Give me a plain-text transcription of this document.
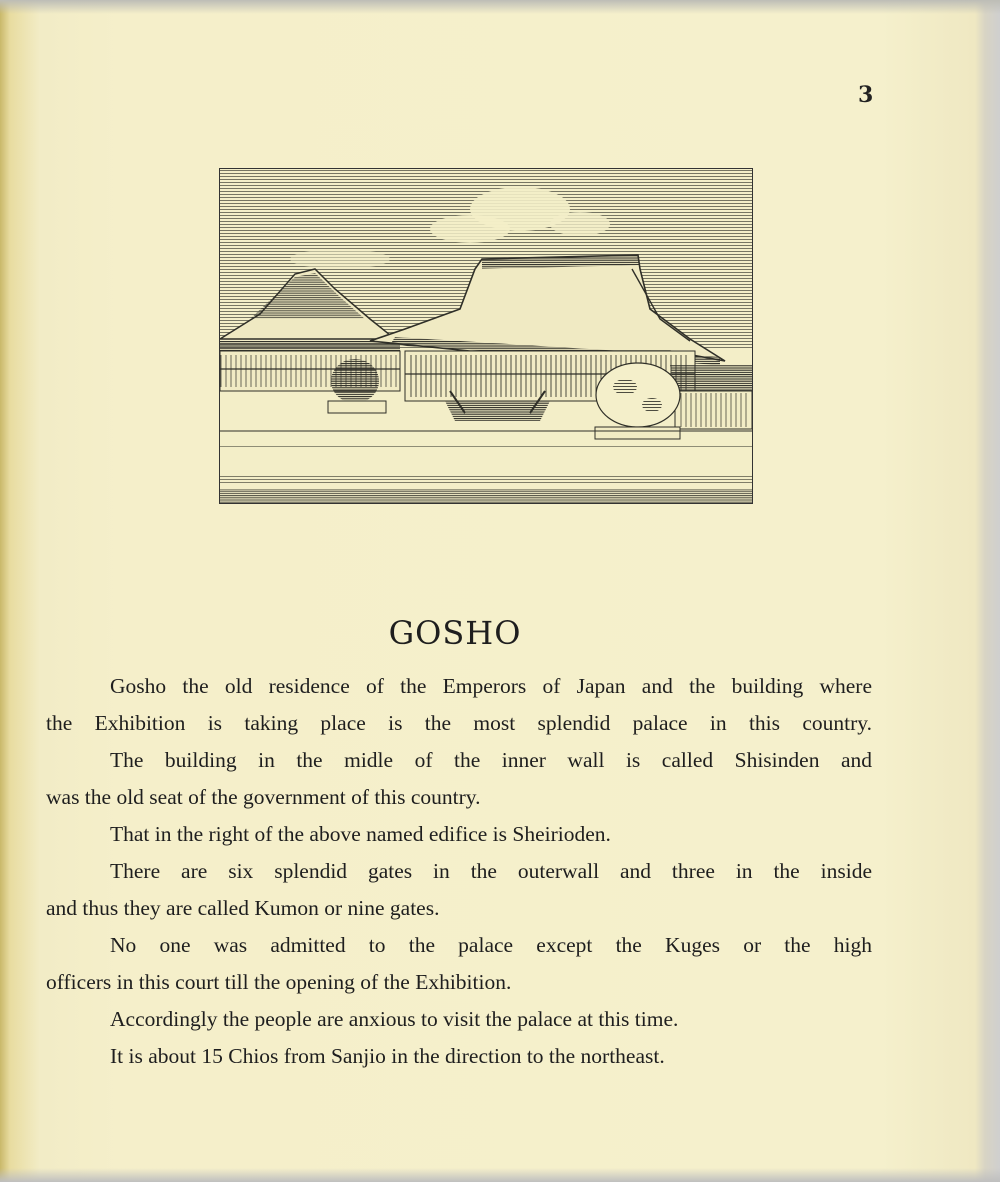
3
GOSHO
Gosho the old residence of the Emperors of Japan and the building where
the Exhibition is taking place is the most splendid palace in this country.
The building in the midle of the inner wall is called Shisinden and
was the old seat of the government of this country.
That in the right of the above named edifice is Sheirioden.
There are six splendid gates in the outerwall and three in the inside
and thus they are called Kumon or nine gates.
No one was admitted to the palace except the Kuges or the high
officers in this court till the opening of the Exhibition.
Accordingly the people are anxious to visit the palace at this time.
It is about 15 Chios from Sanjio in the direction to the northeast.
